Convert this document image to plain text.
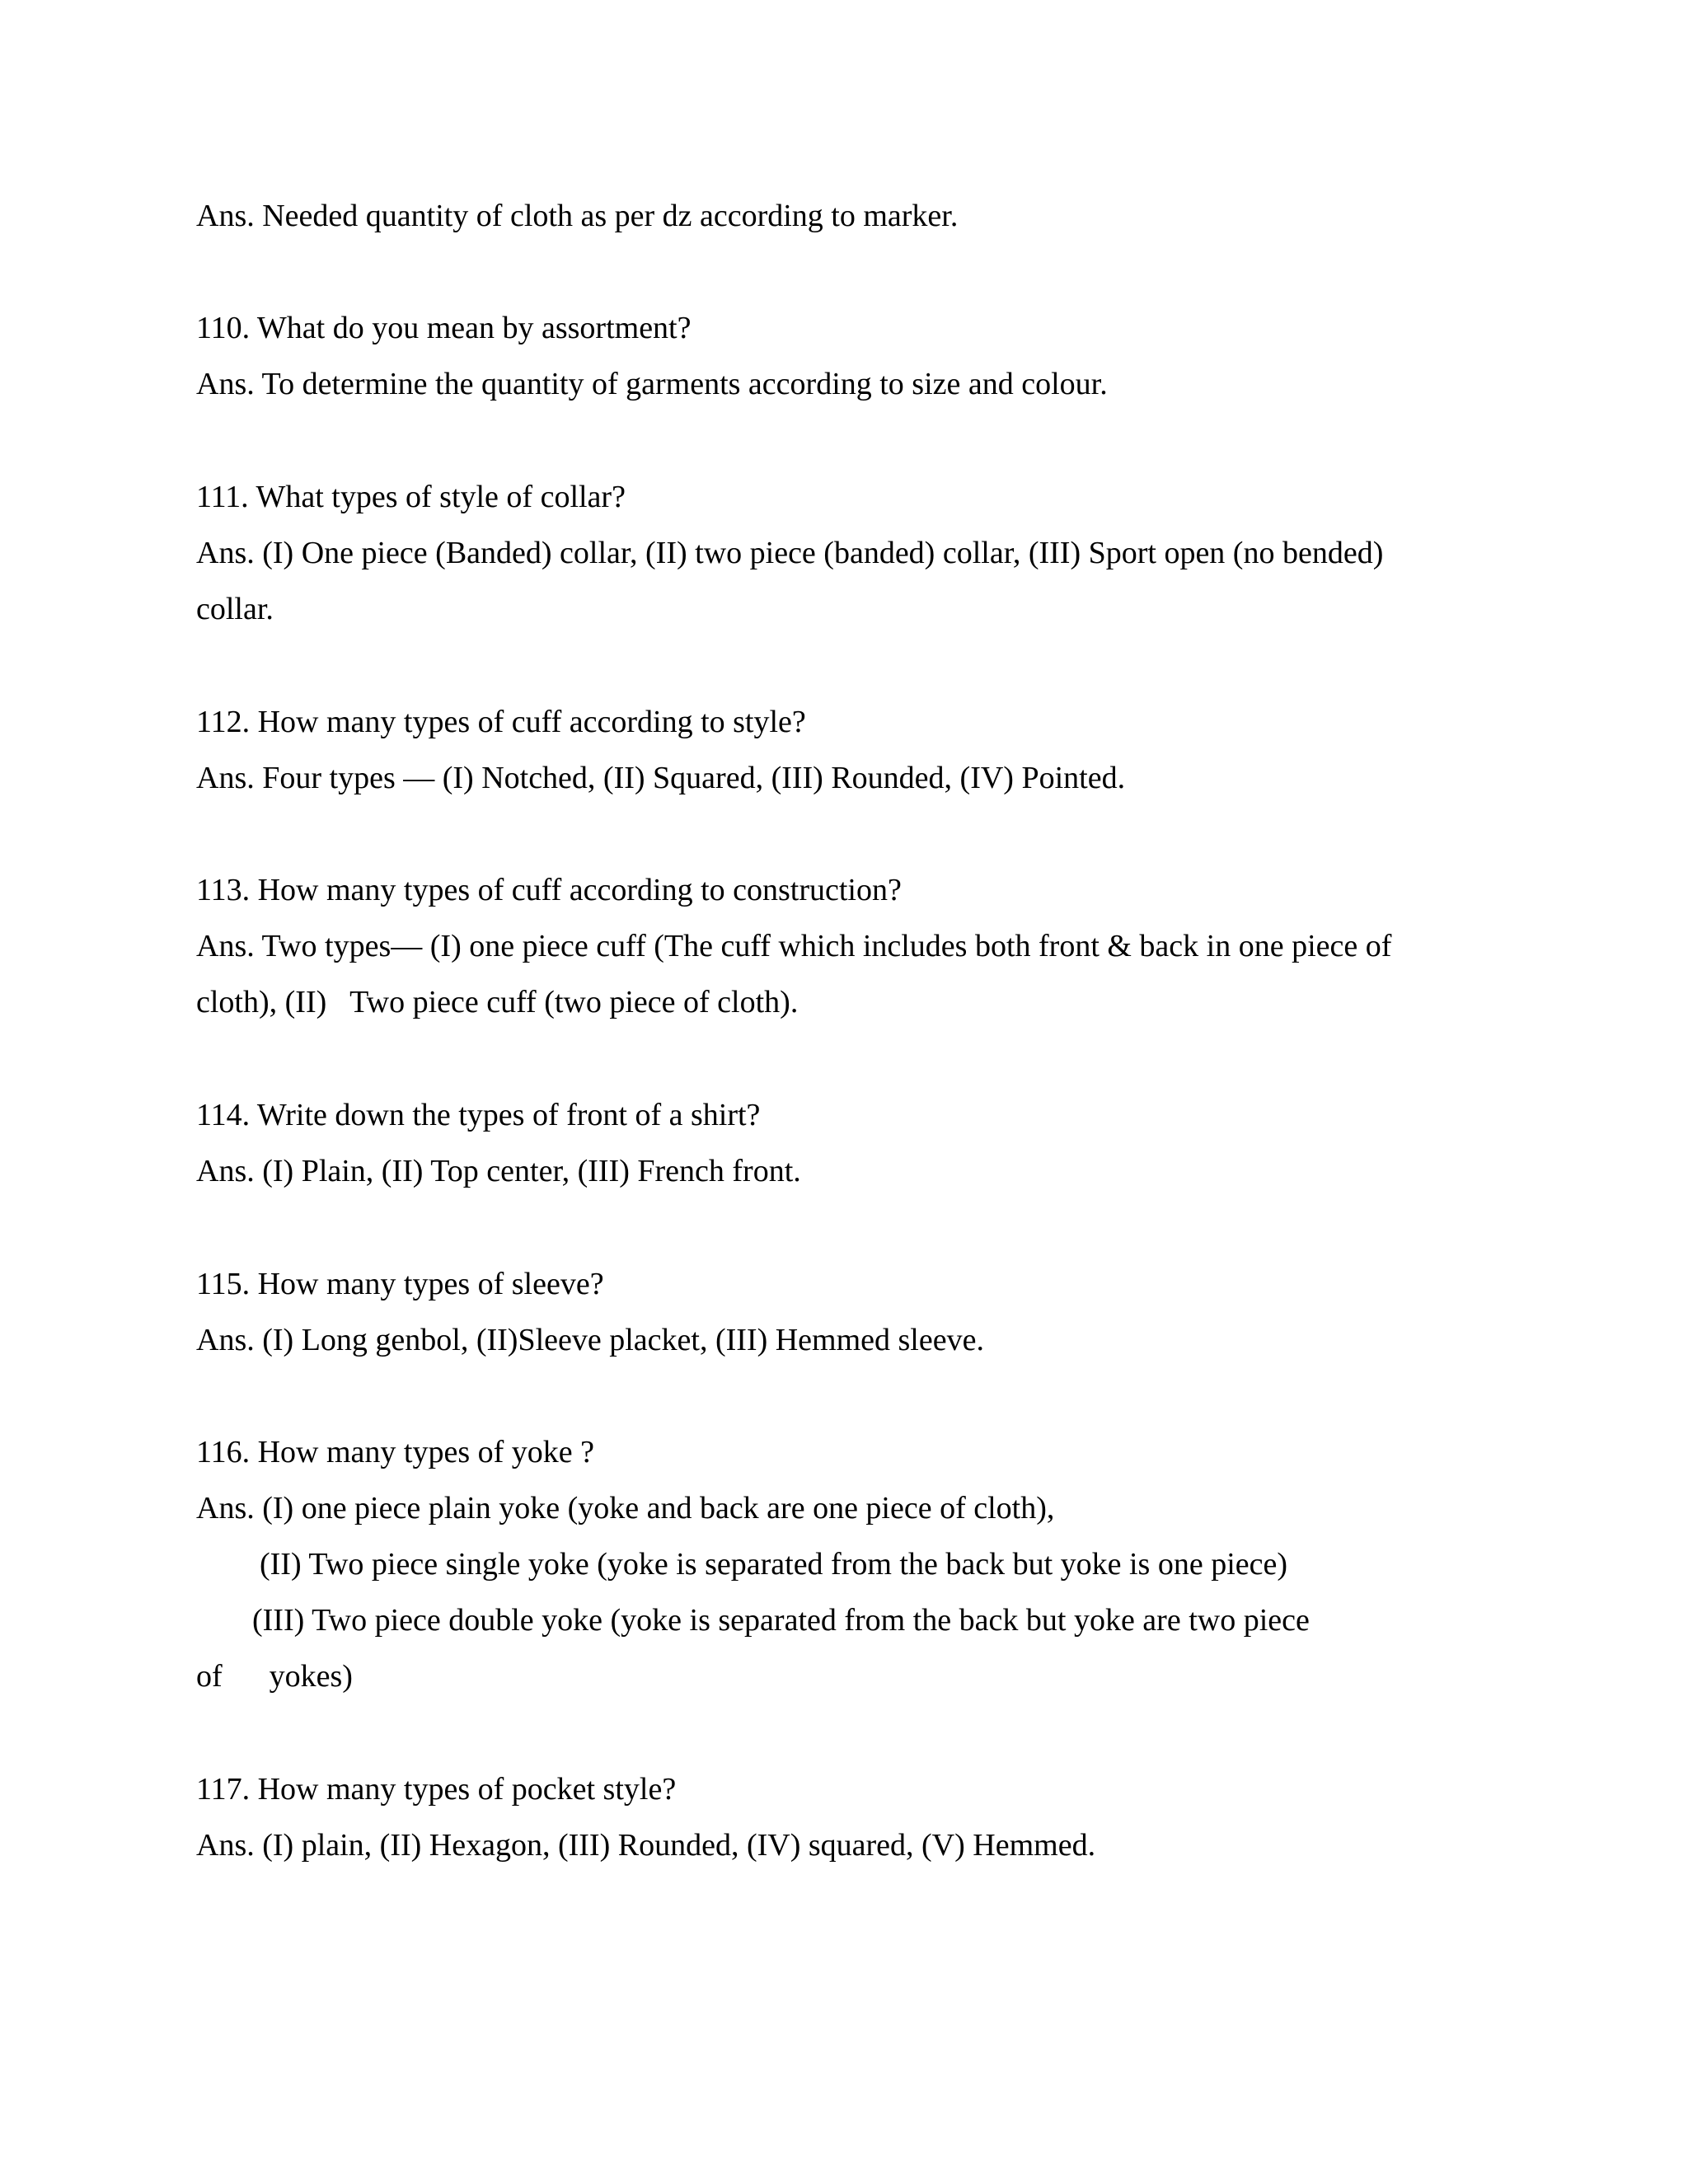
Ans. Needed quantity of cloth as per dz according to marker.
110. What do you mean by assortment?
Ans. To determine the quantity of garments according to size and colour.
111. What types of style of collar?
Ans. (I) One piece (Banded) collar, (II) two piece (banded) collar, (III) Sport open (no bended)
collar.
112. How many types of cuff according to style?
Ans. Four types — (I) Notched, (II) Squared, (III) Rounded, (IV) Pointed.
113. How many types of cuff according to construction?
Ans. Two types— (I) one piece cuff (The cuff which includes both front & back in one piece of
cloth), (II)   Two piece cuff (two piece of cloth).
114. Write down the types of front of a shirt?
Ans. (I) Plain, (II) Top center, (III) French front.
115. How many types of sleeve?
Ans. (I) Long genbol, (II)Sleeve placket, (III) Hemmed sleeve.
116. How many types of yoke ?
Ans. (I) one piece plain yoke (yoke and back are one piece of cloth),
(II) Two piece single yoke (yoke is separated from the back but yoke is one piece)
(III) Two piece double yoke (yoke is separated from the back but yoke are two piece
of      yokes)
117. How many types of pocket style?
Ans. (I) plain, (II) Hexagon, (III) Rounded, (IV) squared, (V) Hemmed.
